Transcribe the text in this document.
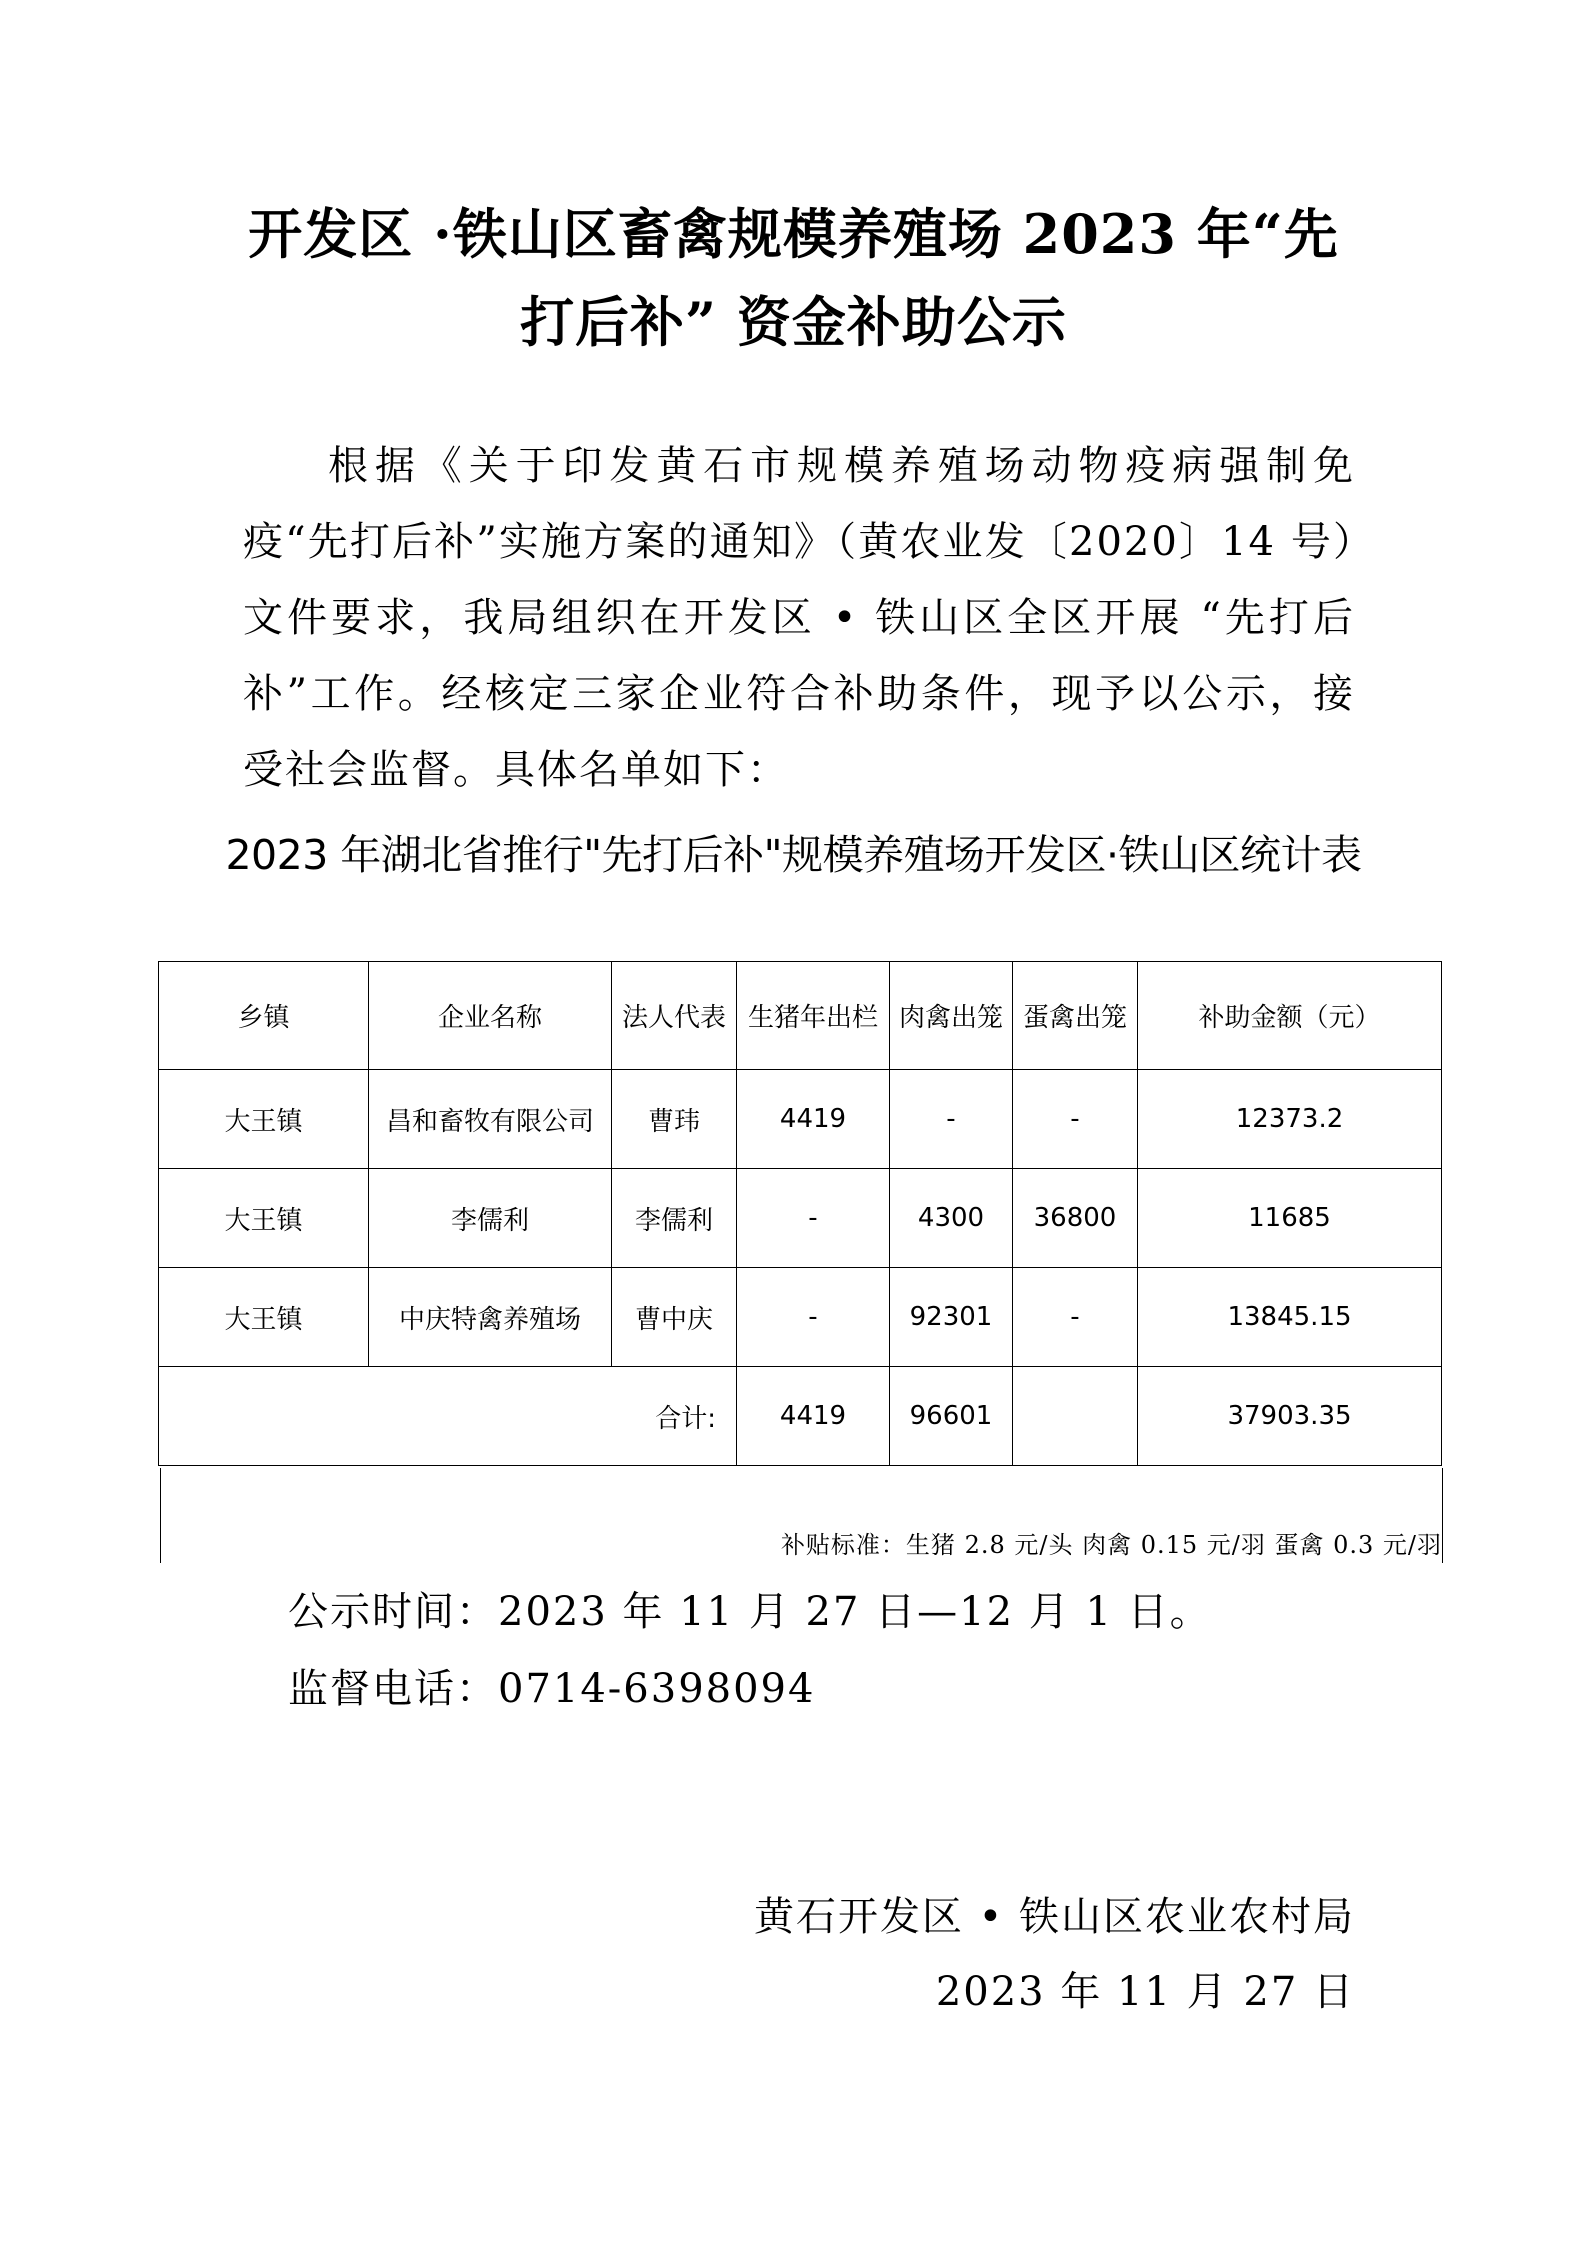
开发区 ·铁山区畜禽规模养殖场 2023 年“先
打后补” 资金补助公示
根据《关于印发黄石市规模养殖场动物疫病强制免疫“先打后补”实施方案的通知》（黄农业发〔2020〕14 号）文件要求，我局组织在开发区 • 铁山区全区开展 “先打后补”工作。经核定三家企业符合补助条件，现予以公示，接受社会监督。具体名单如下：
2023 年湖北省推行"先打后补"规模养殖场开发区·铁山区统计表
乡镇	企业名称	法人代表	生猪年出栏	肉禽出笼	蛋禽出笼	补助金额（元）
大王镇	昌和畜牧有限公司	曹玮	4419	-	-	12373.2
大王镇	李儒利	李儒利	-	4300	36800	11685
大王镇	中庆特禽养殖场	曹中庆	-	92301	-	13845.15
合计:			4419	96601		37903.35
补贴标准：生猪 2.8 元/头 肉禽 0.15 元/羽 蛋禽 0.3 元/羽
公示时间：2023 年 11 月 27 日—12 月 1 日。
监督电话：0714-6398094
黄石开发区 • 铁山区农业农村局
2023 年 11 月 27 日
